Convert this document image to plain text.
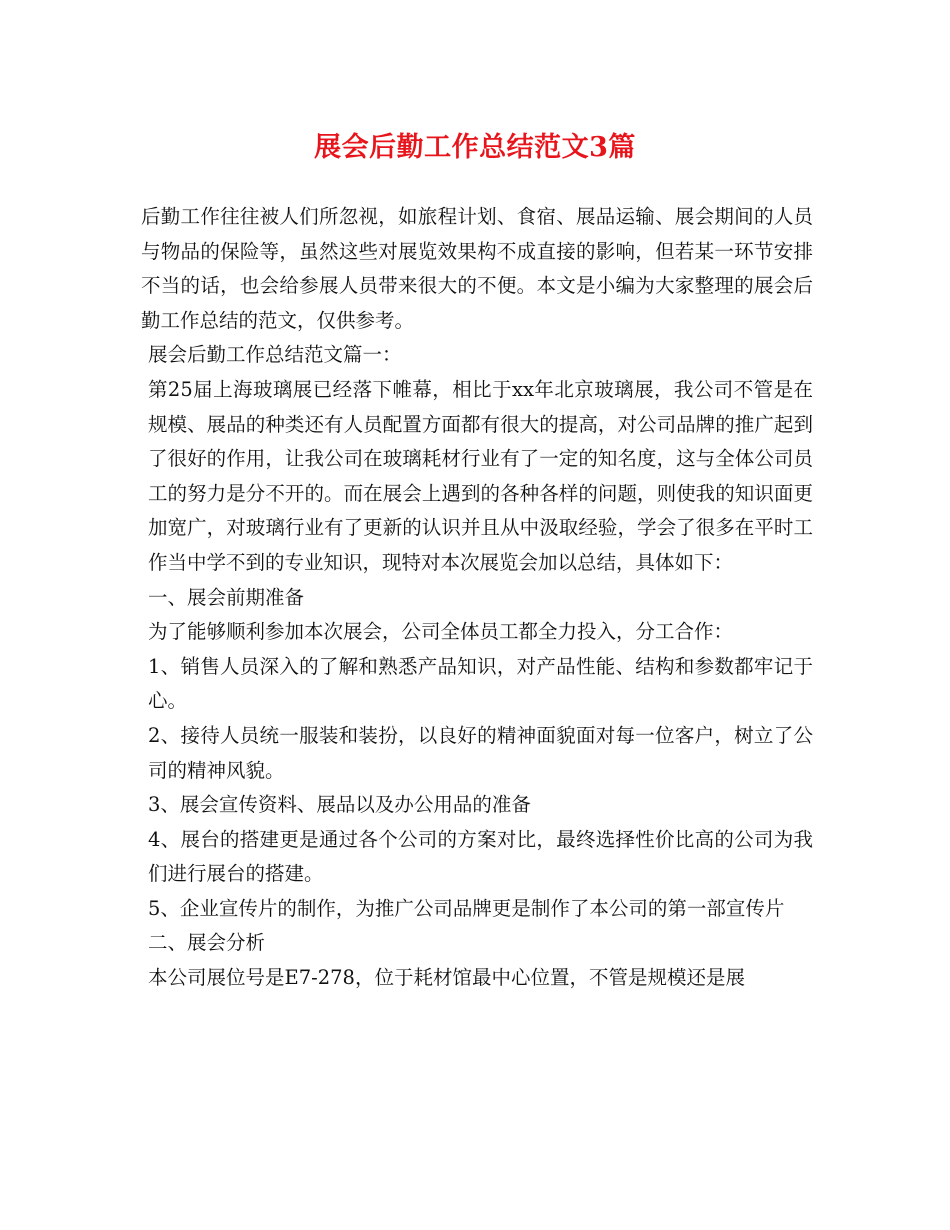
展会后勤工作总结范文3篇

后勤工作往往被人们所忽视，如旅程计划、食宿、展品运输、展会期间的人员与物品的保险等，虽然这些对展览效果构不成直接的影响，但若某一环节安排不当的话，也会给参展人员带来很大的不便。本文是小编为大家整理的展会后勤工作总结的范文，仅供参考。

展会后勤工作总结范文篇一：

第25届上海玻璃展已经落下帷幕，相比于xx年北京玻璃展，我公司不管是在规模、展品的种类还有人员配置方面都有很大的提高，对公司品牌的推广起到了很好的作用，让我公司在玻璃耗材行业有了一定的知名度，这与全体公司员工的努力是分不开的。而在展会上遇到的各种各样的问题，则使我的知识面更加宽广，对玻璃行业有了更新的认识并且从中汲取经验，学会了很多在平时工作当中学不到的专业知识，现特对本次展览会加以总结，具体如下：

一、展会前期准备

为了能够顺利参加本次展会，公司全体员工都全力投入，分工合作：

1、销售人员深入的了解和熟悉产品知识，对产品性能、结构和参数都牢记于心。

2、接待人员统一服装和装扮，以良好的精神面貌面对每一位客户，树立了公司的精神风貌。

3、展会宣传资料、展品以及办公用品的准备

4、展台的搭建更是通过各个公司的方案对比，最终选择性价比高的公司为我们进行展台的搭建。

5、企业宣传片的制作，为推广公司品牌更是制作了本公司的第一部宣传片

二、展会分析

本公司展位号是E7-278，位于耗材馆最中心位置，不管是规模还是展
